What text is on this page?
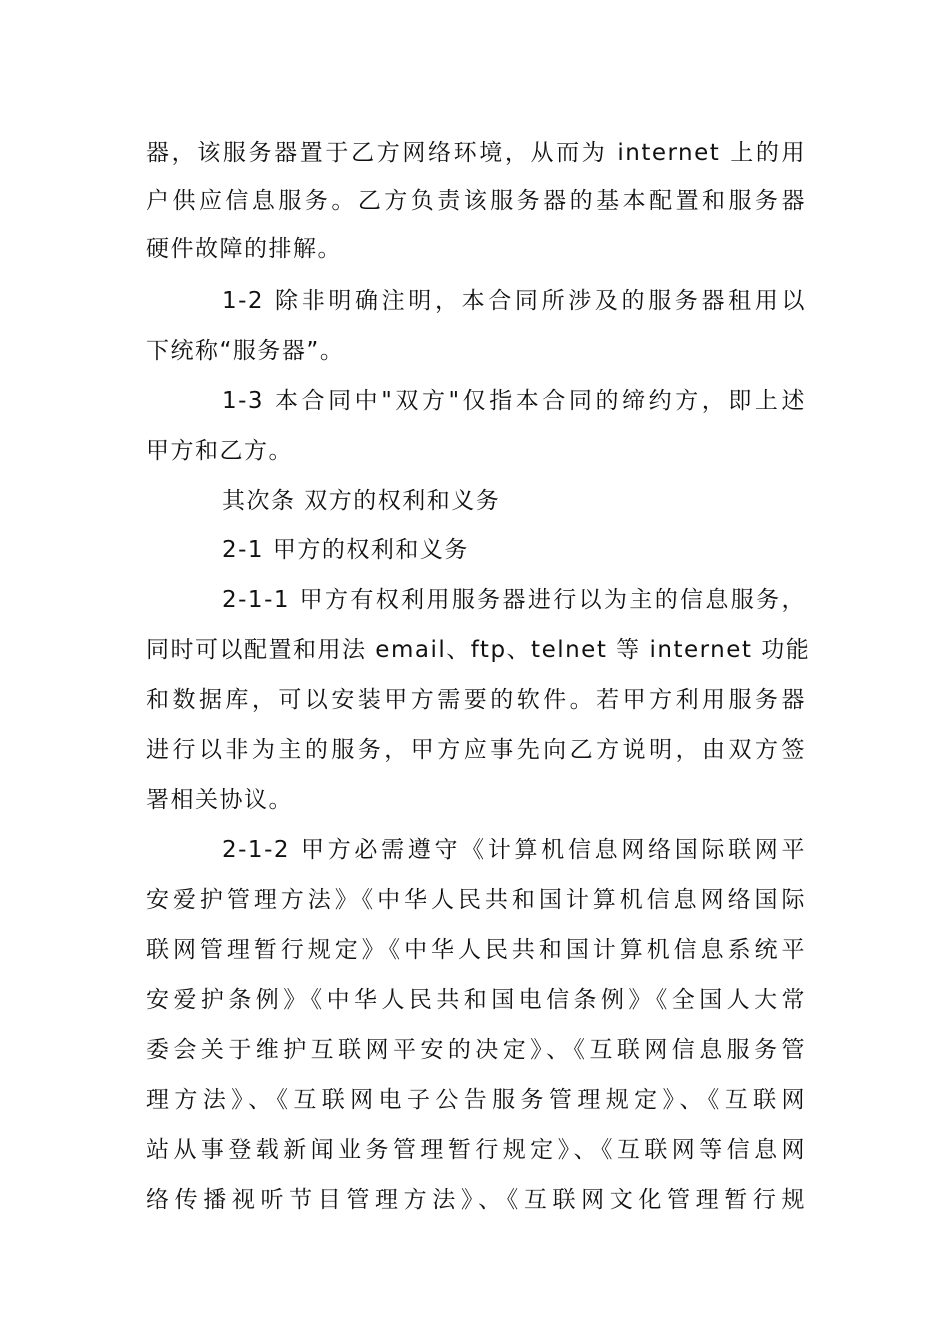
器，该服务器置于乙方网络环境，从而为 internet 上的用
户供应信息服务。乙方负责该服务器的基本配置和服务器
硬件故障的排解。
1-2 除非明确注明，本合同所涉及的服务器租用以
下统称“服务器”。
1-3 本合同中"双方"仅指本合同的缔约方，即上述
甲方和乙方。
其次条 双方的权利和义务
2-1 甲方的权利和义务
2-1-1 甲方有权利用服务器进行以为主的信息服务，
同时可以配置和用法 email、ftp、telnet 等 internet 功能
和数据库，可以安装甲方需要的软件。若甲方利用服务器
进行以非为主的服务，甲方应事先向乙方说明，由双方签
署相关协议。
2-1-2 甲方必需遵守《计算机信息网络国际联网平
安爱护管理方法》《中华人民共和国计算机信息网络国际
联网管理暂行规定》《中华人民共和国计算机信息系统平
安爱护条例》《中华人民共和国电信条例》《全国人大常
委会关于维护互联网平安的决定》、《互联网信息服务管
理方法》、《互联网电子公告服务管理规定》、《互联网
站从事登载新闻业务管理暂行规定》、《互联网等信息网
络传播视听节目管理方法》、《互联网文化管理暂行规
